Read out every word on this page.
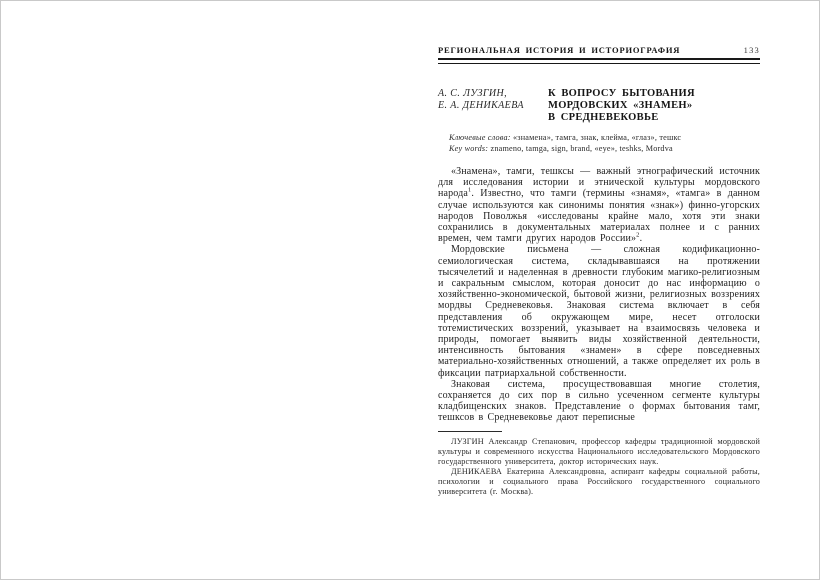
РЕГИОНАЛЬНАЯ ИСТОРИЯ И ИСТОРИОГРАФИЯ	133
А. С. ЛУЗГИН,
Е. А. ДЕНИКАЕВА
К ВОПРОСУ БЫТОВАНИЯ
МОРДОВСКИХ «ЗНАМЕН»
В СРЕДНЕВЕКОВЬЕ
Ключевые слова: «знамена», тамга, знак, клейма, «глаз», тешкс
Key words: znameno, tamga, sign, brand, «eye», teshks, Mordva

«Знамена», тамги, тешксы — важный этнографический источник для исследования истории и этнической культуры мордовского народа$^1$. Известно, что тамги (термины «знамя», «тамга» в данном случае используются как синонимы понятия «знак») финно-угорских народов Поволжья «исследованы крайне мало, хотя эти знаки сохранились в документальных материалах полнее и с ранних времен, чем тамги других народов России»$^2$.

Мордовские письмена — сложная кодификационно-семиологическая система, складывавшаяся на протяжении тысячелетий и наделенная в древности глубоким магико-религиозным и сакральным смыслом, которая доносит до нас информацию о хозяйственно-экономической, бытовой жизни, религиозных воззрениях мордвы Средневековья. Знаковая система включает в себя представления об окружающем мире, несет отголоски тотемистических воззрений, указывает на взаимосвязь человека и природы, помогает выявить виды хозяйственной деятельности, интенсивность бытования «знамен» в сфере повседневных материально-хозяйственных отношений, а также определяет их роль в фиксации патриархальной собственности.

Знаковая система, просуществовавшая многие столетия, сохраняется до сих пор в сильно усеченном сегменте культуры кладбищенских знаков. Представление о формах бытования тамг, тешксов в Средневековье дают переписные

ЛУЗГИН Александр Степанович, профессор кафедры традиционной мордовской культуры и современного искусства Национального исследовательского Мордовского государственного университета, доктор исторических наук.

ДЕНИКАЕВА Екатерина Александровна, аспирант кафедры социальной работы, психологии и социального права Российского государственного социального университета (г. Москва).
